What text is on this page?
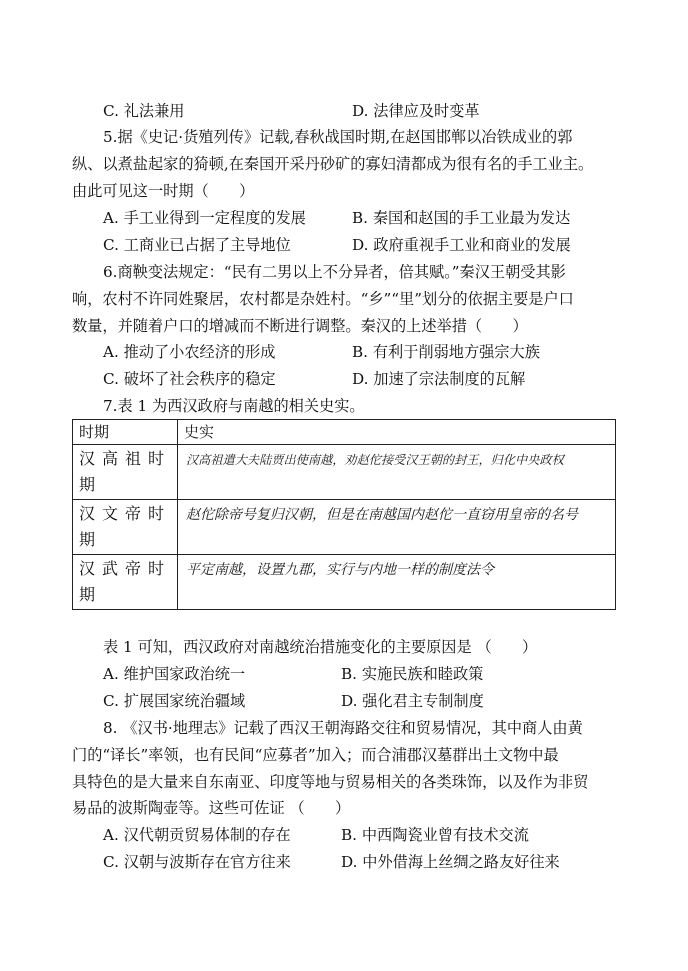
C. 礼法兼用	D. 法律应及时变革
5.据《史记·货殖列传》记载,春秋战国时期,在赵国邯郸以冶铁成业的郭
纵、以煮盐起家的猗顿,在秦国开采丹砂矿的寡妇清都成为很有名的手工业主。
由此可见这一时期（　　）
A. 手工业得到一定程度的发展	B. 秦国和赵国的手工业最为发达
C. 工商业已占据了主导地位	D. 政府重视手工业和商业的发展
6.商鞅变法规定：“民有二男以上不分异者，倍其赋。”秦汉王朝受其影
响，农村不许同姓聚居，农村都是杂姓村。“乡”“里”划分的依据主要是户口
数量，并随着户口的增减而不断进行调整。秦汉的上述举措（　　）
A. 推动了小农经济的形成	B. 有利于削弱地方强宗大族
C. 破坏了社会秩序的稳定	D. 加速了宗法制度的瓦解
7.表 1 为西汉政府与南越的相关史实。
时期	史实
汉高祖时期	汉高祖遣大夫陆贾出使南越，劝赵佗接受汉王朝的封王，归化中央政权
汉文帝时期	赵佗除帝号复归汉朝，但是在南越国内赵佗一直窃用皇帝的名号
汉武帝时期	平定南越，设置九郡，实行与内地一样的制度法令
表 1 可知，西汉政府对南越统治措施变化的主要原因是 （　　）
A. 维护国家政治统一	B. 实施民族和睦政策
C. 扩展国家统治疆域	D. 强化君主专制制度
8. 《汉书·地理志》记载了西汉王朝海路交往和贸易情况，其中商人由黄
门的“译长”率领，也有民间“应募者”加入；而合浦郡汉墓群出土文物中最
具特色的是大量来自东南亚、印度等地与贸易相关的各类珠饰，以及作为非贸
易品的波斯陶壶等。这些可佐证 （　　）
A. 汉代朝贡贸易体制的存在	B. 中西陶瓷业曾有技术交流
C. 汉朝与波斯存在官方往来	D. 中外借海上丝绸之路友好往来
